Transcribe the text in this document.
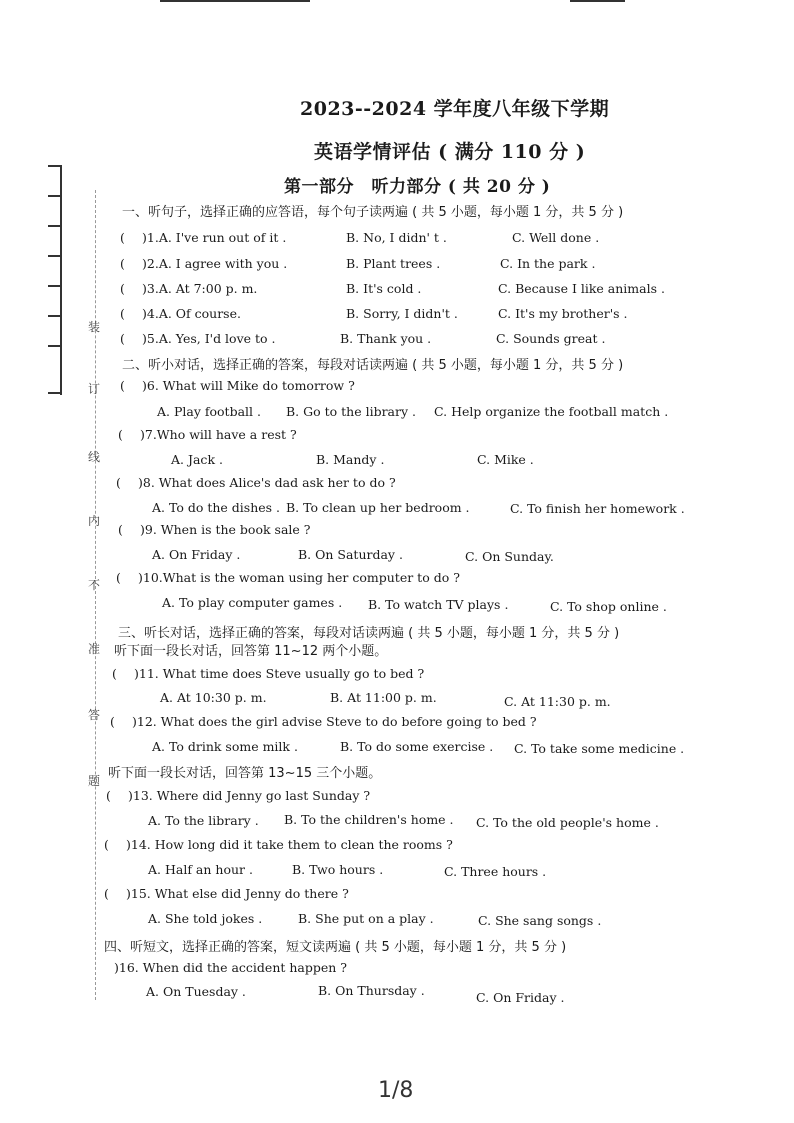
装
订
线
内
不
准
答
题
2023--2024 学年度八年级下学期
英语学情评估 ( 满分 110 分 )
第一部分　听力部分 ( 共 20 分 )
一、听句子，选择正确的应答语，每个句子读两遍 ( 共 5 小题，每小题 1 分，共 5 分 )
( )1.A. I've run out of it .	B. No, I didn' t .	C. Well done .
( )2.A. I agree with you .	B. Plant trees .	C. In the park .
( )3.A. At 7:00 p. m.	B. It's cold .	C. Because I like animals .
( )4.A. Of course.	B. Sorry, I didn't .	C. It's my brother's .
( )5.A. Yes, I'd love to .	B. Thank you .	C. Sounds great .
二、听小对话，选择正确的答案，每段对话读两遍 ( 共 5 小题，每小题 1 分，共 5 分 )
( )6. What will Mike do tomorrow ?
A. Play football . B. Go to the library . C. Help organize the football match .
( )7.Who will have a rest ?
A. Jack .	B. Mandy .	C. Mike .
( )8. What does Alice's dad ask her to do ?
A. To do the dishes . B. To clean up her bedroom .	C. To finish her homework .
( )9. When is the book sale ?
A. On Friday .	B. On Saturday .	C. On Sunday.
( )10.What is the woman using her computer to do ?
A. To play computer games . B. To watch TV plays .	C. To shop online .
三、听长对话，选择正确的答案，每段对话读两遍 ( 共 5 小题，每小题 1 分，共 5 分 )
听下面一段长对话，回答第 11~12 两个小题。
( )11. What time does Steve usually go to bed ?
A. At 10:30 p. m.	B. At 11:00 p. m.	C. At 11:30 p. m.
( )12. What does the girl advise Steve to do before going to bed ?
A. To drink some milk .	B. To do some exercise . C. To take some medicine .
听下面一段长对话，回答第 13~15 三个小题。
( )13. Where did Jenny go last Sunday ?
A. To the library . B. To the children's home . C. To the old people's home .
( )14. How long did it take them to clean the rooms ?
A. Half an hour .	B. Two hours .	C. Three hours .
( )15. What else did Jenny do there ?
A. She told jokes .	B. She put on a play .	C. She sang songs .
四、听短文，选择正确的答案，短文读两遍 ( 共 5 小题，每小题 1 分，共 5 分 )
)16. When did the accident happen ?
A. On Tuesday .	B. On Thursday .	C. On Friday .
1/8
